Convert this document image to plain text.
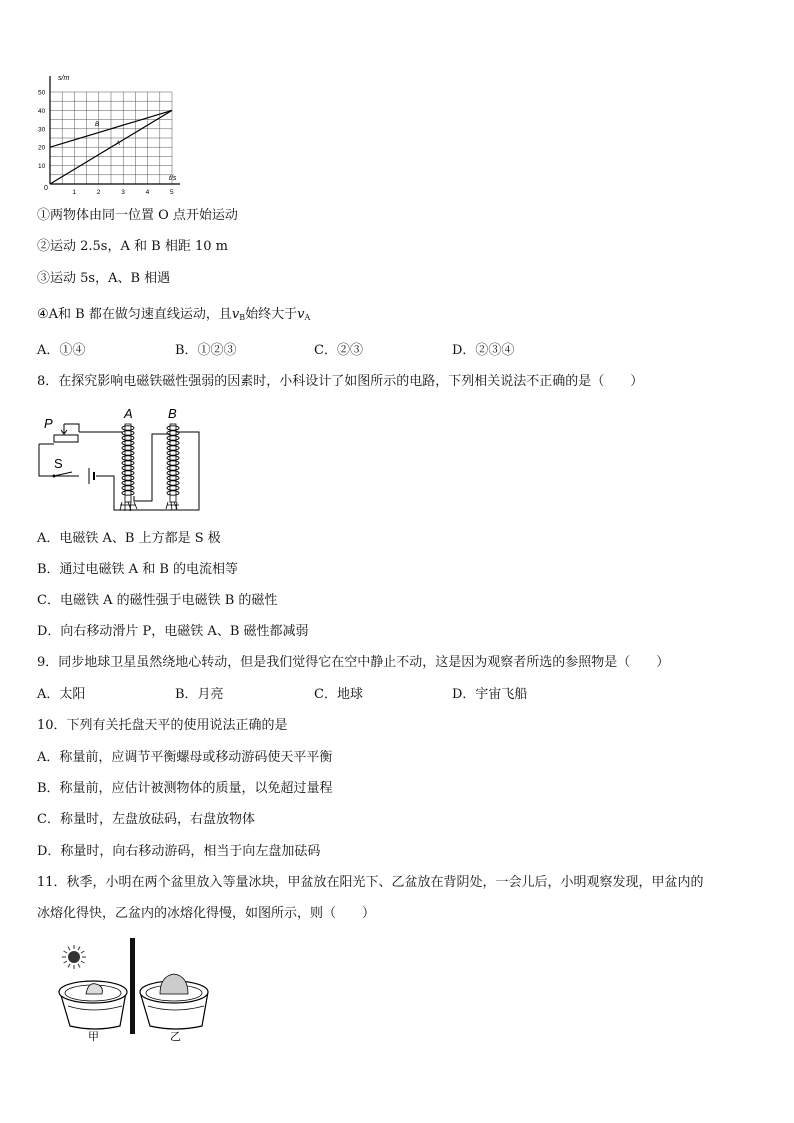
s/m
t/s
0
50
40
30
20
10
1	2	3	4	5
B
A
①两物体由同一位置 O 点开始运动
②运动 2.5s，A 和 B 相距 10 m
③运动 5s，A、B 相遇
④A和 B 都在做匀速直线运动，且$v_B$始终大于$v_A$
A．①④	B．①②③	C．②③	D．②③④
8．在探究影响电磁铁磁性强弱的因素时，小科设计了如图所示的电路，下列相关说法不正确的是（　　）
P
S
A	B
A．电磁铁 A、B 上方都是 S 极
B．通过电磁铁 A 和 B 的电流相等
C．电磁铁 A 的磁性强于电磁铁 B 的磁性
D．向右移动滑片 P，电磁铁 A、B 磁性都减弱
9．同步地球卫星虽然绕地心转动，但是我们觉得它在空中静止不动，这是因为观察者所选的参照物是（　　）
A．太阳	B．月亮	C．地球	D．宇宙飞船
10．下列有关托盘天平的使用说法正确的是
A．称量前，应调节平衡螺母或移动游码使天平平衡
B．称量前，应估计被测物体的质量，以免超过量程
C．称量时，左盘放砝码，右盘放物体
D．称量时，向右移动游码，相当于向左盘加砝码
11．秋季，小明在两个盆里放入等量冰块，甲盆放在阳光下、乙盆放在背阴处，一会儿后，小明观察发现，甲盆内的
冰熔化得快，乙盆内的冰熔化得慢，如图所示，则（　　）
甲	乙
